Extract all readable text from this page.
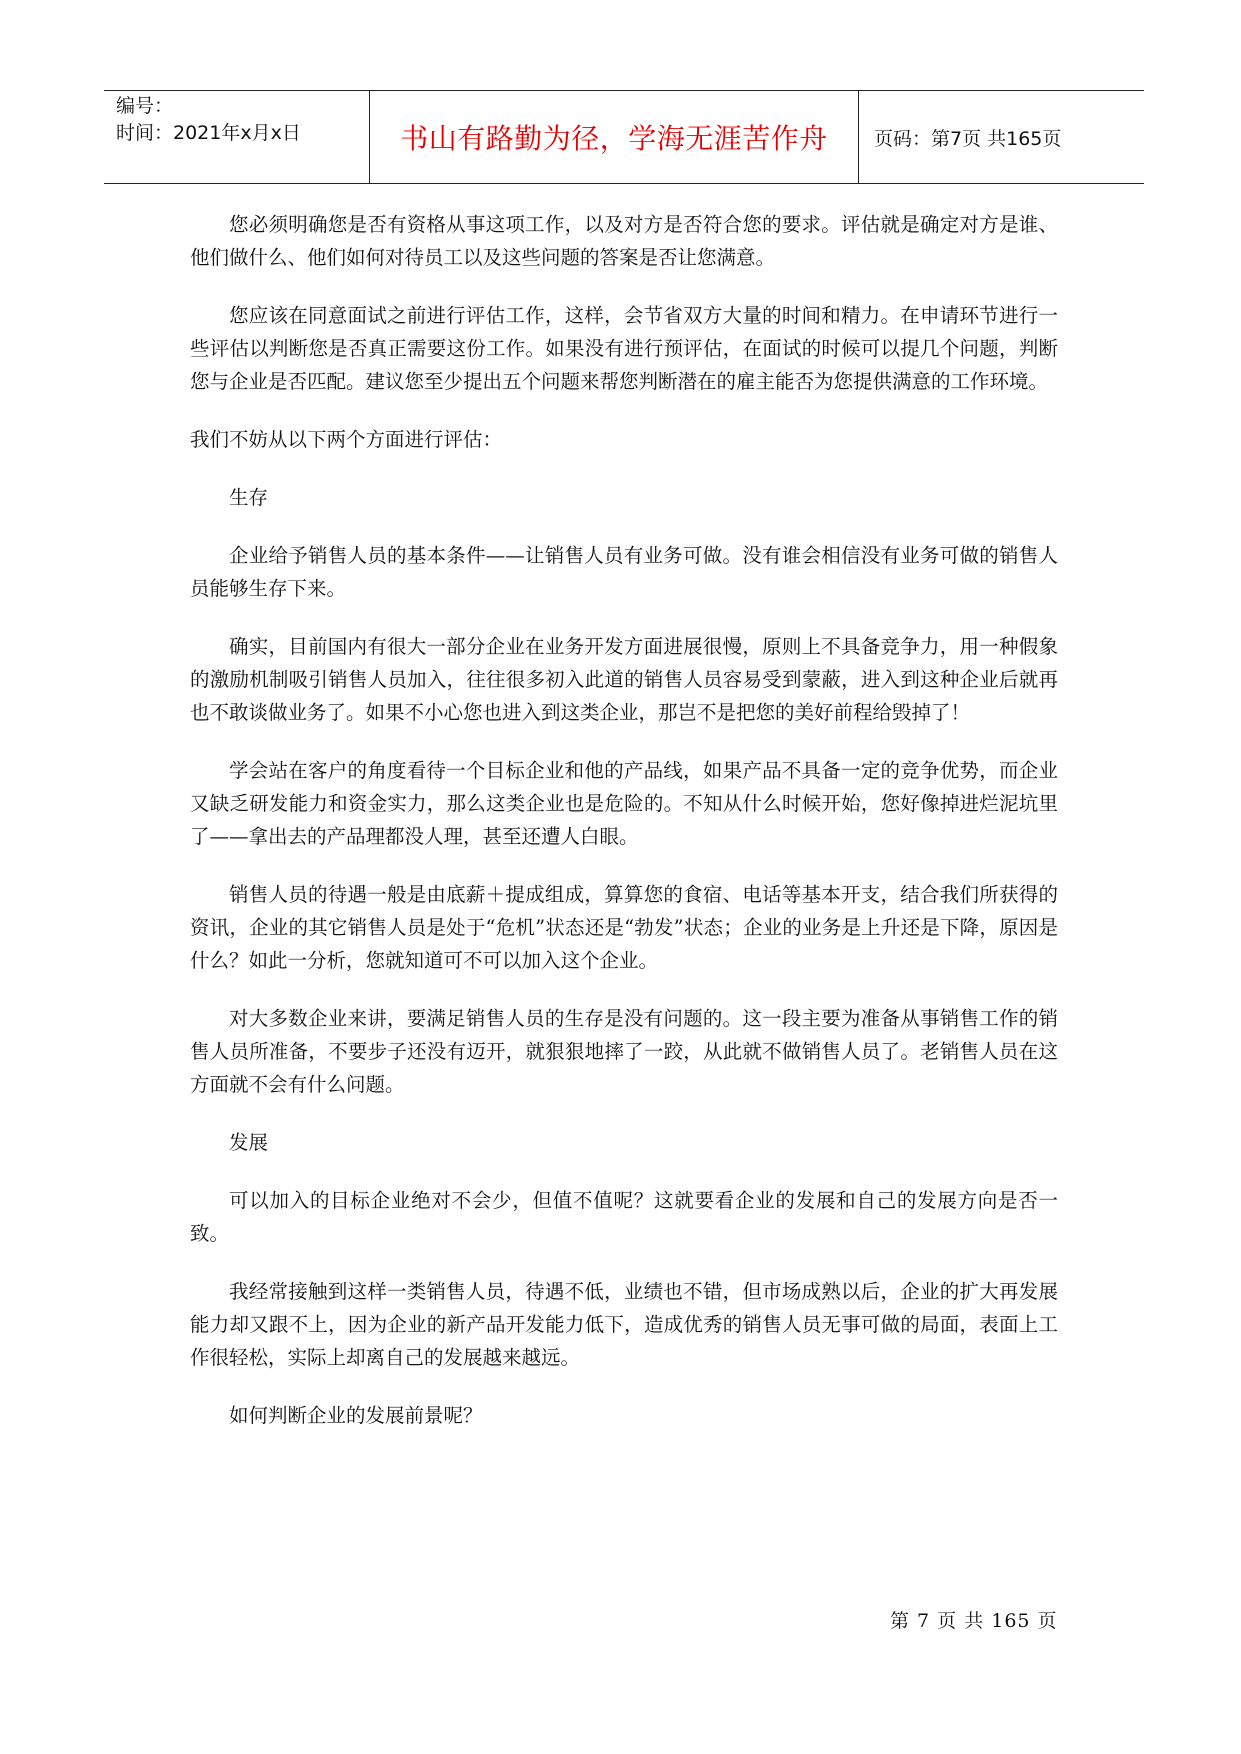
编号：
时间：2021年x月x日	书山有路勤为径，学海无涯苦作舟	页码：第7页 共165页

您必须明确您是否有资格从事这项工作，以及对方是否符合您的要求。评估就是确定对方是谁、他们做什么、他们如何对待员工以及这些问题的答案是否让您满意。

您应该在同意面试之前进行评估工作，这样，会节省双方大量的时间和精力。在申请环节进行一些评估以判断您是否真正需要这份工作。如果没有进行预评估，在面试的时候可以提几个问题，判断您与企业是否匹配。建议您至少提出五个问题来帮您判断潜在的雇主能否为您提供满意的工作环境。

我们不妨从以下两个方面进行评估：

生存

企业给予销售人员的基本条件——让销售人员有业务可做。没有谁会相信没有业务可做的销售人员能够生存下来。

确实，目前国内有很大一部分企业在业务开发方面进展很慢，原则上不具备竞争力，用一种假象的激励机制吸引销售人员加入，往往很多初入此道的销售人员容易受到蒙蔽，进入到这种企业后就再也不敢谈做业务了。如果不小心您也进入到这类企业，那岂不是把您的美好前程给毁掉了！

学会站在客户的角度看待一个目标企业和他的产品线，如果产品不具备一定的竞争优势，而企业又缺乏研发能力和资金实力，那么这类企业也是危险的。不知从什么时候开始，您好像掉进烂泥坑里了——拿出去的产品理都没人理，甚至还遭人白眼。

销售人员的待遇一般是由底薪＋提成组成，算算您的食宿、电话等基本开支，结合我们所获得的资讯，企业的其它销售人员是处于“危机”状态还是“勃发”状态；企业的业务是上升还是下降，原因是什么？如此一分析，您就知道可不可以加入这个企业。

对大多数企业来讲，要满足销售人员的生存是没有问题的。这一段主要为准备从事销售工作的销售人员所准备，不要步子还没有迈开，就狠狠地摔了一跤，从此就不做销售人员了。老销售人员在这方面就不会有什么问题。

发展

可以加入的目标企业绝对不会少，但值不值呢？这就要看企业的发展和自己的发展方向是否一致。

我经常接触到这样一类销售人员，待遇不低，业绩也不错，但市场成熟以后，企业的扩大再发展能力却又跟不上，因为企业的新产品开发能力低下，造成优秀的销售人员无事可做的局面，表面上工作很轻松，实际上却离自己的发展越来越远。

如何判断企业的发展前景呢？

第 7 页 共 165 页
